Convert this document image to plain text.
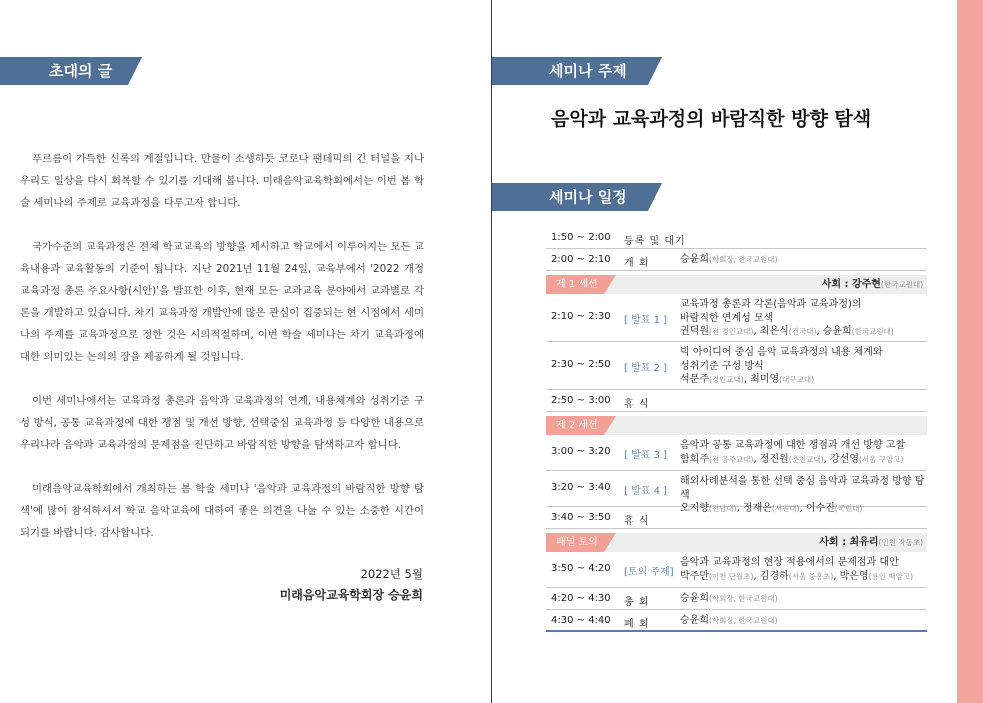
초대의 글

푸르름이 가득한 신록의 계절입니다. 만물이 소생하듯 코로나 팬데믹의 긴 터널을 지나 우리도 일상을 다시 회복할 수 있기를 기대해 봅니다. 미래음악교육학회에서는 이번 봄 학술 세미나의 주제로 교육과정을 다루고자 합니다.

국가수준의 교육과정은 전체 학교교육의 방향을 제시하고 학교에서 이루어지는 모든 교육내용과 교육활동의 기준이 됩니다. 지난 2021년 11월 24일, 교육부에서 '2022 개정 교육과정 총론 주요사항(시안)'을 발표한 이후, 현재 모든 교과교육 분야에서 교과별로 각론을 개발하고 있습니다. 차기 교육과정 개발안에 많은 관심이 집중되는 현 시점에서 세미나의 주제를 교육과정으로 정한 것은 시의적절하며, 이번 학술 세미나는 차기 교육과정에 대한 의미있는 논의의 장을 제공하게 될 것입니다.

이번 세미나에서는 교육과정 총론과 음악과 교육과정의 연계, 내용체계와 성취기준 구성 방식, 공통 교육과정에 대한 쟁점 및 개선 방향, 선택중심 교육과정 등 다양한 내용으로 우리나라 음악과 교육과정의 문제점을 진단하고 바람직한 방향을 탐색하고자 합니다.

미래음악교육학회에서 개최하는 봄 학술 세미나 '음악과 교육과정의 바람직한 방향 탐색'에 많이 참석하셔서 학교 음악교육에 대하여 좋은 의견을 나눌 수 있는 소중한 시간이 되기를 바랍니다. 감사합니다.

2022년 5월
미래음악교육학회장 승윤희
세미나 주제
음악과 교육과정의 바람직한 방향 탐색
세미나 일정
1:50 ~ 2:00 등록 및 대기
2:00 ~ 2:10 개 회	승윤희(학회장, 한국교원대)
제 1 세션	사회 : 강주현(한국교원대)
2:10 ~ 2:30 [ 발표 1 ]
교육과정 총론과 각론(음악과 교육과정)의
바람직한 연계성 모색
권덕원(전 경인교대), 최은식(건국대), 승윤희(한국교원대)
2:30 ~ 2:50 [ 발표 2 ]
빅 아이디어 중심 음악 교육과정의 내용 체계와
성취기준 구성 방식
석문주(경인교대), 최미영(대구교대)
2:50 ~ 3:00 휴 식
제 2 세션
3:00 ~ 3:20 [ 발표 3 ]
음악과 공통 교육과정에 대한 쟁점과 개선 방향 고찰
함희주(전 공주교대), 정진원(춘천교대), 강선영(서울 구암고)
3:20 ~ 3:40 [ 발표 4 ]
해외사례분석을 통한 선택 중심 음악과 교육과정 방향 탐색
오지향(전남대), 정재은(서원대), 이수진(국민대)
3:40 ~ 3:50 휴 식
패널 토의	사회 : 최유리(인천 작동초)
3:50 ~ 4:20 [토의 주제]
음악과 교육과정의 현장 적용에서의 문제점과 대안
박주만(이천 단월초), 김경하(서울 중흥초), 박은영(용인 백암고)
4:20 ~ 4:30 총 회	승윤희(학회장, 한국교원대)
4:30 ~ 4:40 폐 회	승윤희(학회장, 한국교원대)
